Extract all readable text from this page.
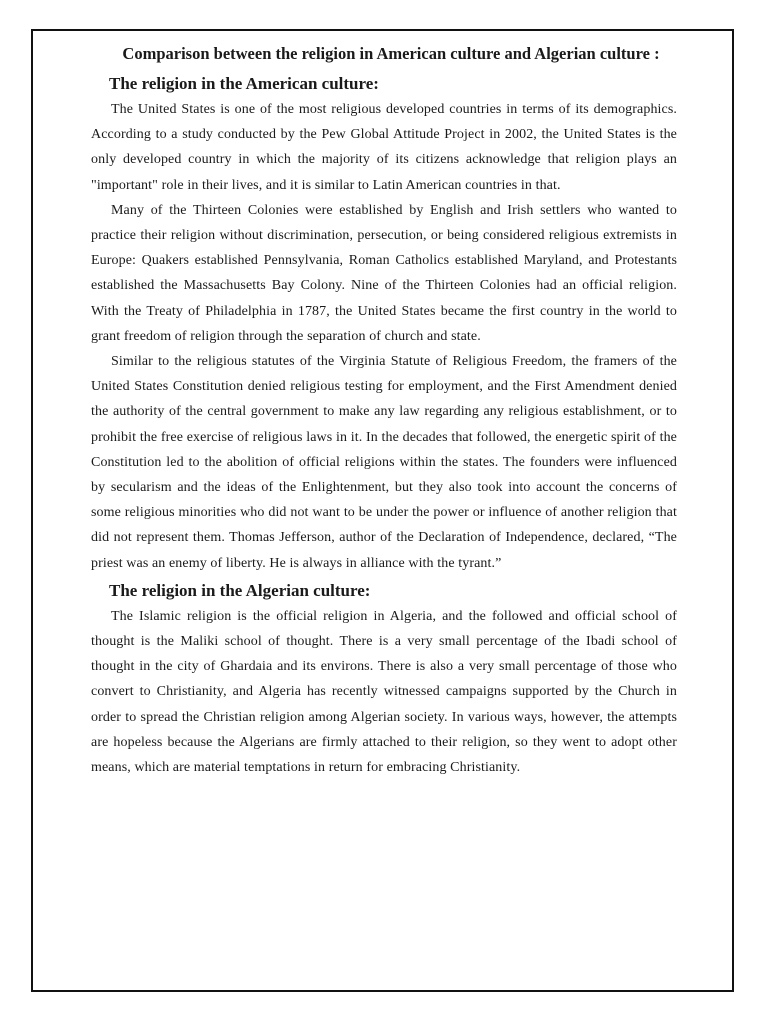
Comparison between the religion in American culture and Algerian culture :
The religion in the American culture:

The United States is one of the most religious developed countries in terms of its demographics. According to a study conducted by the Pew Global Attitude Project in 2002, the United States is the only developed country in which the majority of its citizens acknowledge that religion plays an "important" role in their lives, and it is similar to Latin American countries in that.

Many of the Thirteen Colonies were established by English and Irish settlers who wanted to practice their religion without discrimination, persecution, or being considered religious extremists in Europe: Quakers established Pennsylvania, Roman Catholics established Maryland, and Protestants established the Massachusetts Bay Colony. Nine of the Thirteen Colonies had an official religion. With the Treaty of Philadelphia in 1787, the United States became the first country in the world to grant freedom of religion through the separation of church and state.

Similar to the religious statutes of the Virginia Statute of Religious Freedom, the framers of the United States Constitution denied religious testing for employment, and the First Amendment denied the authority of the central government to make any law regarding any religious establishment, or to prohibit the free exercise of religious laws in it. In the decades that followed, the energetic spirit of the Constitution led to the abolition of official religions within the states. The founders were influenced by secularism and the ideas of the Enlightenment, but they also took into account the concerns of some religious minorities who did not want to be under the power or influence of another religion that did not represent them. Thomas Jefferson, author of the Declaration of Independence, declared, “The priest was an enemy of liberty. He is always in alliance with the tyrant.”

The religion in the Algerian culture:

The Islamic religion is the official religion in Algeria, and the followed and official school of thought is the Maliki school of thought. There is a very small percentage of the Ibadi school of thought in the city of Ghardaia and its environs. There is also a very small percentage of those who convert to Christianity, and Algeria has recently witnessed campaigns supported by the Church in order to spread the Christian religion among Algerian society. In various ways, however, the attempts are hopeless because the Algerians are firmly attached to their religion, so they went to adopt other means, which are material temptations in return for embracing Christianity.
